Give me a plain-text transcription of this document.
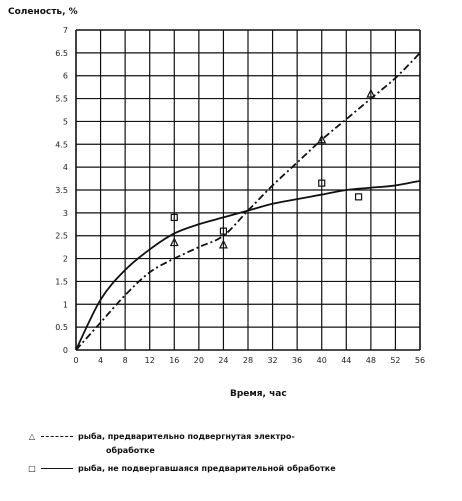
0 4 8 12 16 20 24 28 32 36 40 44 48 52 56
0
0.5
1
1.5
2
2.5
3
3.5
4
4.5
5
5.5
6
6.5
7
Соленость, %
Время, час
△	рыба, предварительно подвергнутая электро-
обработке
□	рыба, не подвергавшаяся предварительной обработке
